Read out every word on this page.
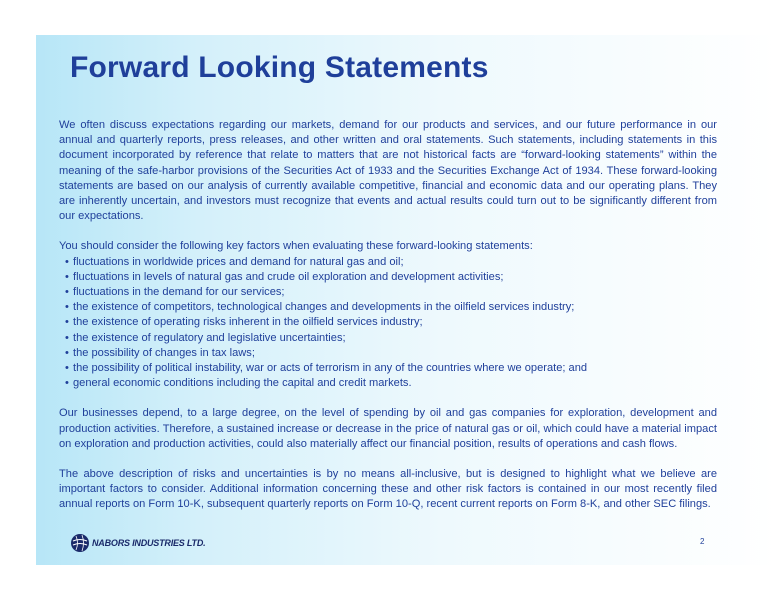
Forward Looking Statements

We often discuss expectations regarding our markets, demand for our products and services, and our future performance in our annual and quarterly reports, press releases, and other written and oral statements. Such statements, including statements in this document incorporated by reference that relate to matters that are not historical facts are “forward-looking statements” within the meaning of the safe-harbor provisions of the Securities Act of 1933 and the Securities Exchange Act of 1934. These forward-looking statements are based on our analysis of currently available competitive, financial and economic data and our operating plans. They are inherently uncertain, and investors must recognize that events and actual results could turn out to be significantly different from our expectations.

You should consider the following key factors when evaluating these forward-looking statements:

• fluctuations in worldwide prices and demand for natural gas and oil;
• fluctuations in levels of natural gas and crude oil exploration and development activities;
• fluctuations in the demand for our services;
• the existence of competitors, technological changes and developments in the oilfield services industry;
• the existence of operating risks inherent in the oilfield services industry;
• the existence of regulatory and legislative uncertainties;
• the possibility of changes in tax laws;
• the possibility of political instability, war or acts of terrorism in any of the countries where we operate; and
• general economic conditions including the capital and credit markets.

Our businesses depend, to a large degree, on the level of spending by oil and gas companies for exploration, development and production activities. Therefore, a sustained increase or decrease in the price of natural gas or oil, which could have a material impact on exploration and production activities, could also materially affect our financial position, results of operations and cash flows.

The above description of risks and uncertainties is by no means all-inclusive, but is designed to highlight what we believe are important factors to consider. Additional information concerning these and other risk factors is contained in our most recently filed annual reports on Form 10-K, subsequent quarterly reports on Form 10-Q, recent current reports on Form 8-K, and other SEC filings.

NABORS INDUSTRIES LTD.	2
